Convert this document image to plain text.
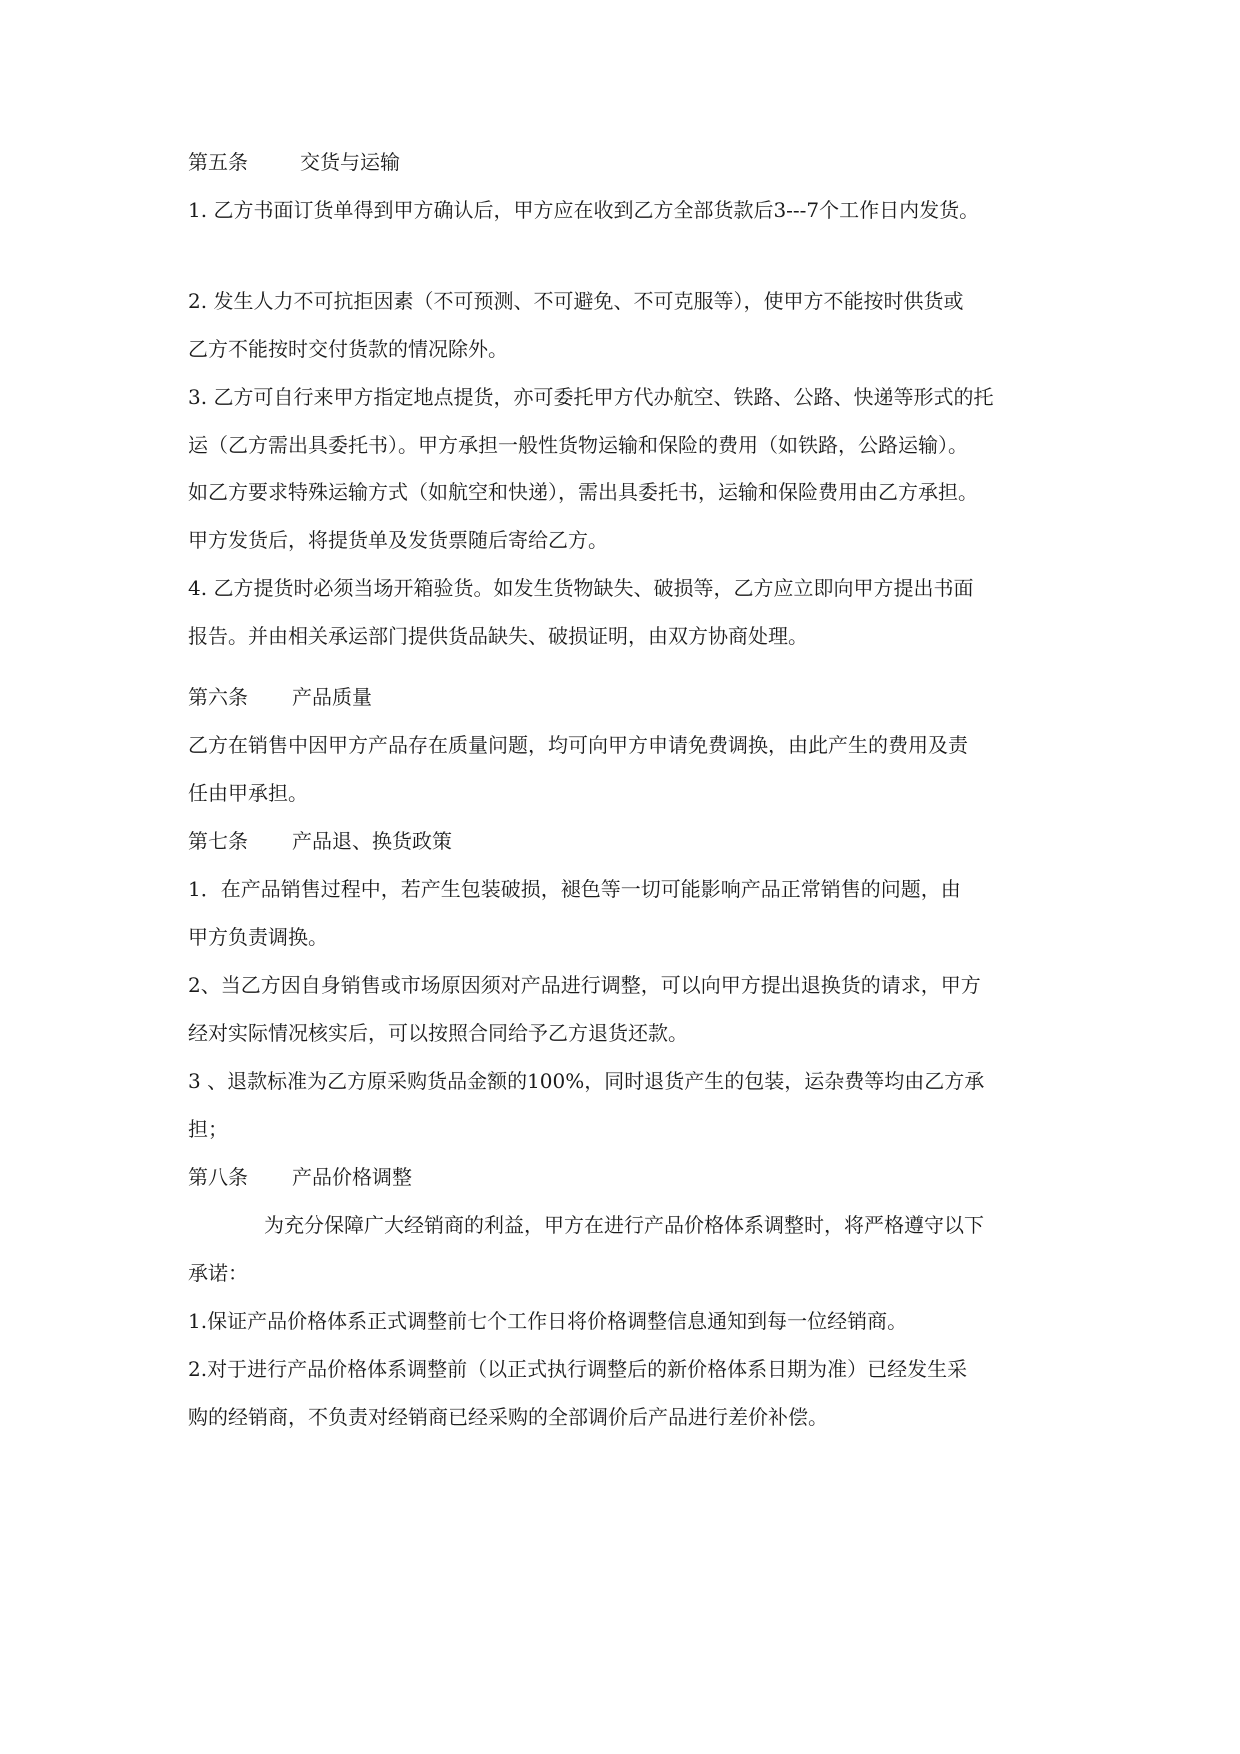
第五条	交货与运输
1. 乙方书面订货单得到甲方确认后，甲方应在收到乙方全部货款后3---7个工作日内发货。
2. 发生人力不可抗拒因素（不可预测、不可避免、不可克服等），使甲方不能按时供货或
乙方不能按时交付货款的情况除外。
3. 乙方可自行来甲方指定地点提货，亦可委托甲方代办航空、铁路、公路、快递等形式的托
运（乙方需出具委托书）。甲方承担一般性货物运输和保险的费用（如铁路，公路运输）。
如乙方要求特殊运输方式（如航空和快递），需出具委托书，运输和保险费用由乙方承担。
甲方发货后，将提货单及发货票随后寄给乙方。
4. 乙方提货时必须当场开箱验货。如发生货物缺失、破损等，乙方应立即向甲方提出书面
报告。并由相关承运部门提供货品缺失、破损证明，由双方协商处理。
第六条 产品质量
乙方在销售中因甲方产品存在质量问题，均可向甲方申请免费调换，由此产生的费用及责
任由甲承担。
第七条 产品退、换货政策
1．在产品销售过程中，若产生包装破损，褪色等一切可能影响产品正常销售的问题，由
甲方负责调换。
2、当乙方因自身销售或市场原因须对产品进行调整，可以向甲方提出退换货的请求，甲方
经对实际情况核实后，可以按照合同给予乙方退货还款。
3 、退款标准为乙方原采购货品金额的100%，同时退货产生的包装，运杂费等均由乙方承
担；
第八条 产品价格调整
为充分保障广大经销商的利益，甲方在进行产品价格体系调整时，将严格遵守以下
承诺：
1.保证产品价格体系正式调整前七个工作日将价格调整信息通知到每一位经销商。
2.对于进行产品价格体系调整前（以正式执行调整后的新价格体系日期为准）已经发生采
购的经销商，不负责对经销商已经采购的全部调价后产品进行差价补偿。
